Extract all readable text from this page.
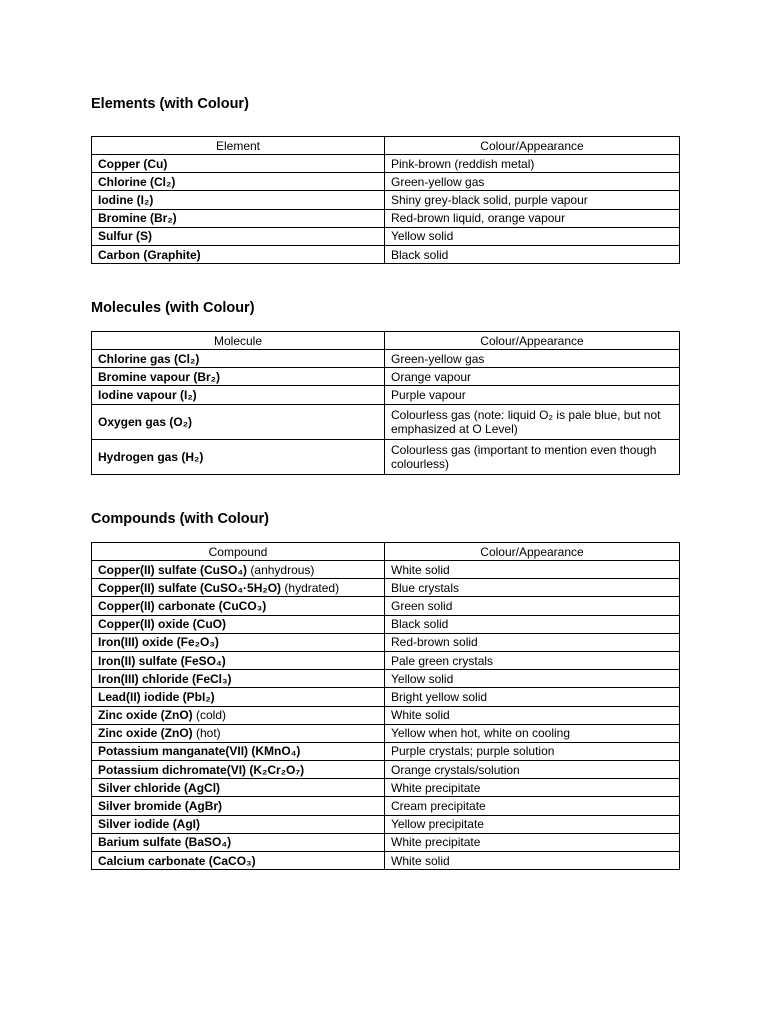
Elements (with Colour)
Element	Colour/Appearance
Copper (Cu)	Pink-brown (reddish metal)
Chlorine (Cl₂)	Green-yellow gas
Iodine (I₂)	Shiny grey-black solid, purple vapour
Bromine (Br₂)	Red-brown liquid, orange vapour
Sulfur (S)	Yellow solid
Carbon (Graphite)	Black solid
Molecules (with Colour)
Molecule	Colour/Appearance
Chlorine gas (Cl₂)	Green-yellow gas
Bromine vapour (Br₂)	Orange vapour
Iodine vapour (I₂)	Purple vapour
Oxygen gas (O₂)	Colourless gas (note: liquid O₂ is pale blue, but not emphasized at O Level)
Hydrogen gas (H₂)	Colourless gas (important to mention even though colourless)
Compounds (with Colour)
Compound	Colour/Appearance
Copper(II) sulfate (CuSO₄) (anhydrous)	White solid
Copper(II) sulfate (CuSO₄·5H₂O) (hydrated)	Blue crystals
Copper(II) carbonate (CuCO₃)	Green solid
Copper(II) oxide (CuO)	Black solid
Iron(III) oxide (Fe₂O₃)	Red-brown solid
Iron(II) sulfate (FeSO₄)	Pale green crystals
Iron(III) chloride (FeCl₃)	Yellow solid
Lead(II) iodide (PbI₂)	Bright yellow solid
Zinc oxide (ZnO) (cold)	White solid
Zinc oxide (ZnO) (hot)	Yellow when hot, white on cooling
Potassium manganate(VII) (KMnO₄)	Purple crystals; purple solution
Potassium dichromate(VI) (K₂Cr₂O₇)	Orange crystals/solution
Silver chloride (AgCl)	White precipitate
Silver bromide (AgBr)	Cream precipitate
Silver iodide (AgI)	Yellow precipitate
Barium sulfate (BaSO₄)	White precipitate
Calcium carbonate (CaCO₃)	White solid
